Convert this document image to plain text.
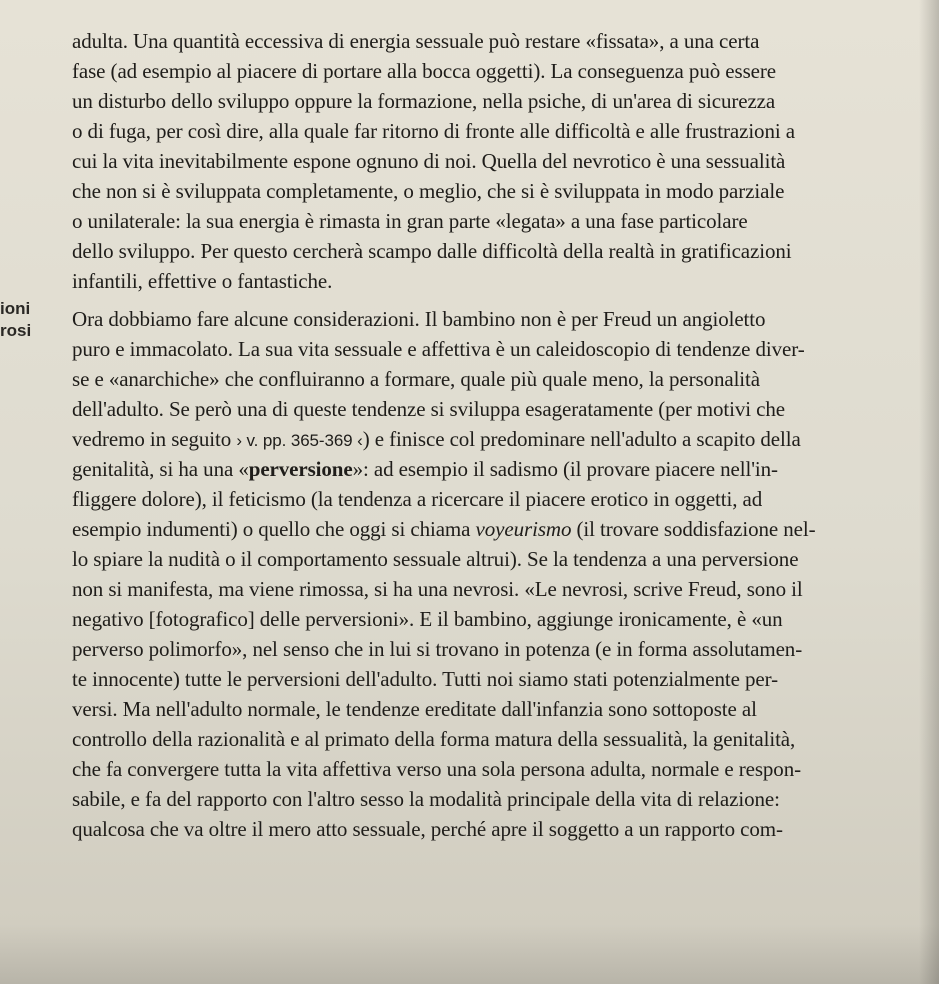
ioni
rosi
adulta. Una quantità eccessiva di energia sessuale può restare «fissata», a una certa
fase (ad esempio al piacere di portare alla bocca oggetti). La conseguenza può essere
un disturbo dello sviluppo oppure la formazione, nella psiche, di un'area di sicurezza
o di fuga, per così dire, alla quale far ritorno di fronte alle difficoltà e alle frustrazioni a
cui la vita inevitabilmente espone ognuno di noi. Quella del nevrotico è una sessualità
che non si è sviluppata completamente, o meglio, che si è sviluppata in modo parziale
o unilaterale: la sua energia è rimasta in gran parte «legata» a una fase particolare
dello sviluppo. Per questo cercherà scampo dalle difficoltà della realtà in gratificazioni
infantili, effettive o fantastiche.
Ora dobbiamo fare alcune considerazioni. Il bambino non è per Freud un angioletto
puro e immacolato. La sua vita sessuale e affettiva è un caleidoscopio di tendenze diver-
se e «anarchiche» che confluiranno a formare, quale più quale meno, la personalità
dell'adulto. Se però una di queste tendenze si sviluppa esageratamente (per motivi che
vedremo in seguito › v. pp. 365-369 ‹) e finisce col predominare nell'adulto a scapito della
genitalità, si ha una «perversione»: ad esempio il sadismo (il provare piacere nell'in-
fliggere dolore), il feticismo (la tendenza a ricercare il piacere erotico in oggetti, ad
esempio indumenti) o quello che oggi si chiama voyeurismo (il trovare soddisfazione nel-
lo spiare la nudità o il comportamento sessuale altrui). Se la tendenza a una perversione
non si manifesta, ma viene rimossa, si ha una nevrosi. «Le nevrosi, scrive Freud, sono il
negativo [fotografico] delle perversioni». E il bambino, aggiunge ironicamente, è «un
perverso polimorfo», nel senso che in lui si trovano in potenza (e in forma assolutamen-
te innocente) tutte le perversioni dell'adulto. Tutti noi siamo stati potenzialmente per-
versi. Ma nell'adulto normale, le tendenze ereditate dall'infanzia sono sottoposte al
controllo della razionalità e al primato della forma matura della sessualità, la genitalità,
che fa convergere tutta la vita affettiva verso una sola persona adulta, normale e respon-
sabile, e fa del rapporto con l'altro sesso la modalità principale della vita di relazione:
qualcosa che va oltre il mero atto sessuale, perché apre il soggetto a un rapporto com-
